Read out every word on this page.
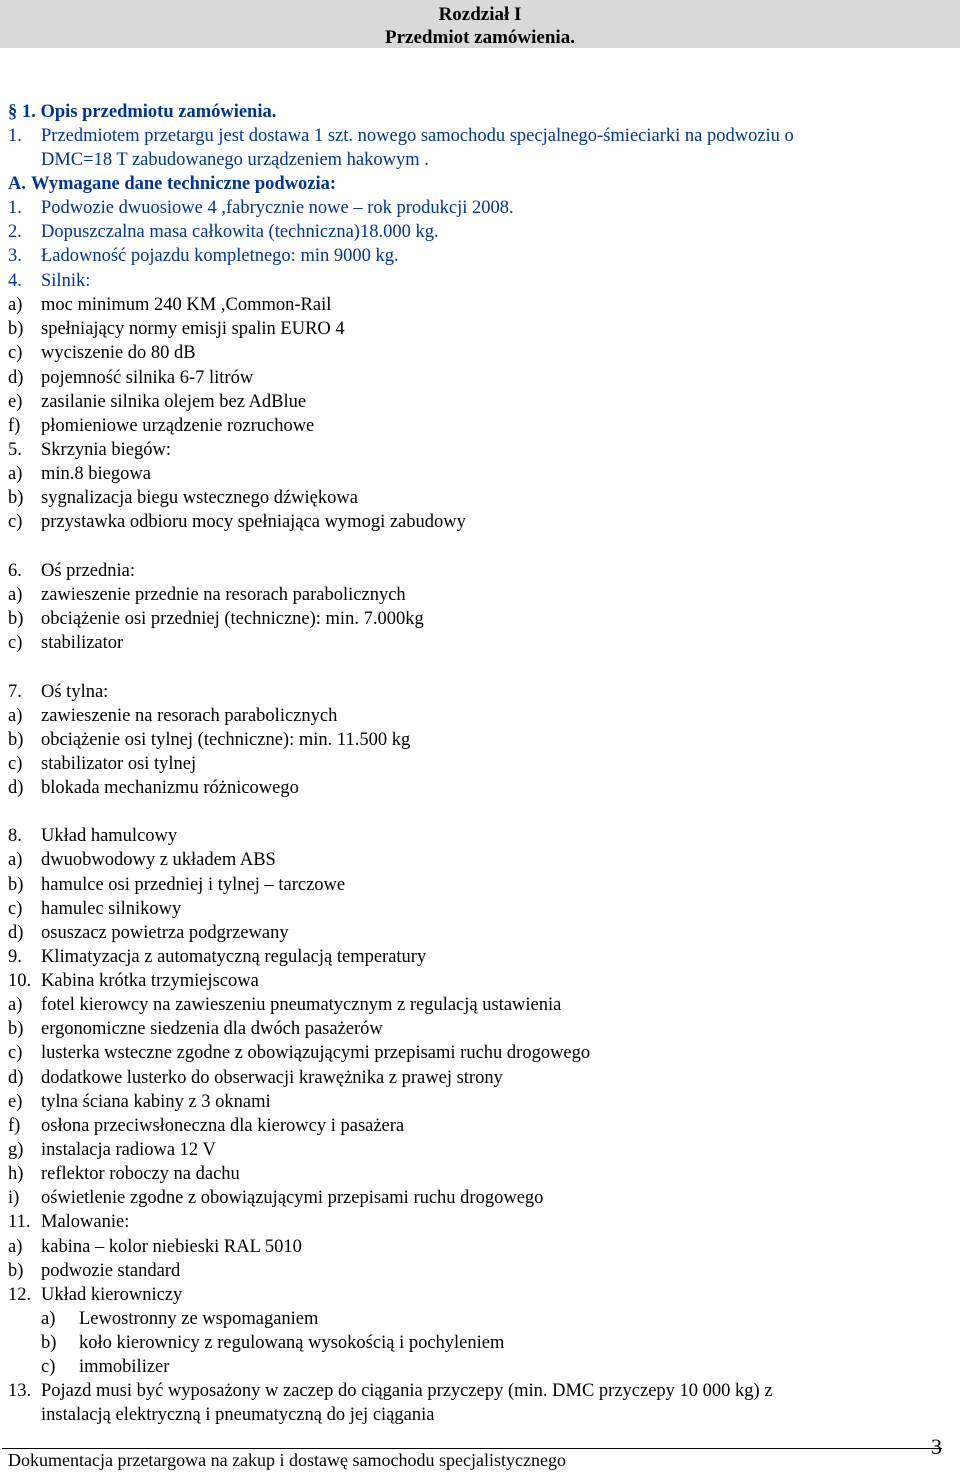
Rozdział I
Przedmiot zamówienia.
§ 1. Opis przedmiotu zamówienia.
1. Przedmiotem przetargu jest dostawa 1 szt. nowego samochodu specjalnego-śmieciarki na podwoziu o
DMC=18 T zabudowanego urządzeniem hakowym .
A. Wymagane dane techniczne podwozia:
1. Podwozie dwuosiowe 4 ,fabrycznie nowe – rok produkcji 2008.
2. Dopuszczalna masa całkowita (techniczna)18.000 kg.
3. Ładowność pojazdu kompletnego: min 9000 kg.
4. Silnik:
a) moc minimum 240 KM ,Common-Rail
b) spełniający normy emisji spalin EURO 4
c) wyciszenie do 80 dB
d) pojemność silnika 6-7 litrów
e) zasilanie silnika olejem bez AdBlue
f) płomieniowe urządzenie rozruchowe
5. Skrzynia biegów:
a) min.8 biegowa
b) sygnalizacja biegu wstecznego dźwiękowa
c) przystawka odbioru mocy spełniająca wymogi zabudowy
6. Oś przednia:
a) zawieszenie przednie na resorach parabolicznych
b) obciążenie osi przedniej (techniczne): min. 7.000kg
c) stabilizator
7. Oś tylna:
a) zawieszenie na resorach parabolicznych
b) obciążenie osi tylnej (techniczne): min. 11.500 kg
c) stabilizator osi tylnej
d) blokada mechanizmu różnicowego
8. Układ hamulcowy
a) dwuobwodowy z układem ABS
b) hamulce osi przedniej i tylnej – tarczowe
c) hamulec silnikowy
d) osuszacz powietrza podgrzewany
9. Klimatyzacja z automatyczną regulacją temperatury
10. Kabina krótka trzymiejscowa
a) fotel kierowcy na zawieszeniu pneumatycznym z regulacją ustawienia
b) ergonomiczne siedzenia dla dwóch pasażerów
c) lusterka wsteczne zgodne z obowiązującymi przepisami ruchu drogowego
d) dodatkowe lusterko do obserwacji krawężnika z prawej strony
e) tylna ściana kabiny z 3 oknami
f) osłona przeciwsłoneczna dla kierowcy i pasażera
g) instalacja radiowa 12 V
h) reflektor roboczy na dachu
i) oświetlenie zgodne z obowiązującymi przepisami ruchu drogowego
11. Malowanie:
a) kabina – kolor niebieski RAL 5010
b) podwozie standard
12. Układ kierowniczy
a) Lewostronny ze wspomaganiem
b) koło kierownicy z regulowaną wysokością i pochyleniem
c) immobilizer
13. Pojazd musi być wyposażony w zaczep do ciągania przyczepy (min. DMC przyczepy 10 000 kg) z
instalacją elektryczną i pneumatyczną do jej ciągania
3
Dokumentacja przetargowa na zakup i dostawę samochodu specjalistycznego
